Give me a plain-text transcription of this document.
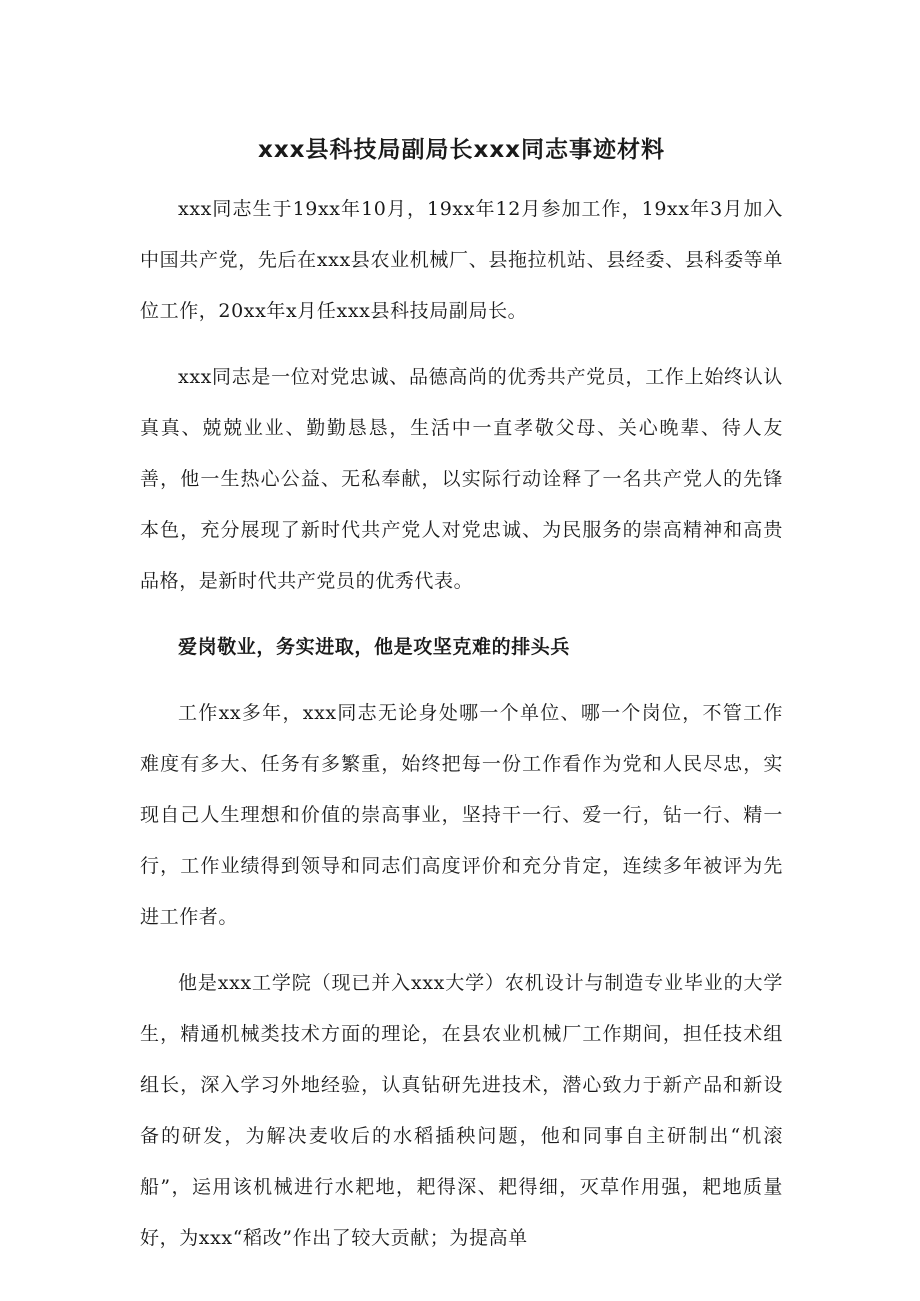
xxx县科技局副局长xxx同志事迹材料

xxx同志生于19xx年10月，19xx年12月参加工作，19xx年3月加入中国共产党，先后在xxx县农业机械厂、县拖拉机站、县经委、县科委等单位工作，20xx年x月任xxx县科技局副局长。

xxx同志是一位对党忠诚、品德高尚的优秀共产党员，工作上始终认认真真、兢兢业业、勤勤恳恳，生活中一直孝敬父母、关心晚辈、待人友善，他一生热心公益、无私奉献，以实际行动诠释了一名共产党人的先锋本色，充分展现了新时代共产党人对党忠诚、为民服务的崇高精神和高贵品格，是新时代共产党员的优秀代表。

爱岗敬业，务实进取，他是攻坚克难的排头兵

工作xx多年，xxx同志无论身处哪一个单位、哪一个岗位，不管工作难度有多大、任务有多繁重，始终把每一份工作看作为党和人民尽忠，实现自己人生理想和价值的崇高事业，坚持干一行、爱一行，钻一行、精一行，工作业绩得到领导和同志们高度评价和充分肯定，连续多年被评为先进工作者。

他是xxx工学院（现已并入xxx大学）农机设计与制造专业毕业的大学生，精通机械类技术方面的理论，在县农业机械厂工作期间，担任技术组组长，深入学习外地经验，认真钻研先进技术，潜心致力于新产品和新设备的研发，为解决麦收后的水稻插秧问题，他和同事自主研制出“机滚船”，运用该机械进行水耙地，耙得深、耙得细，灭草作用强，耙地质量好，为xxx“稻改”作出了较大贡献；为提高单
